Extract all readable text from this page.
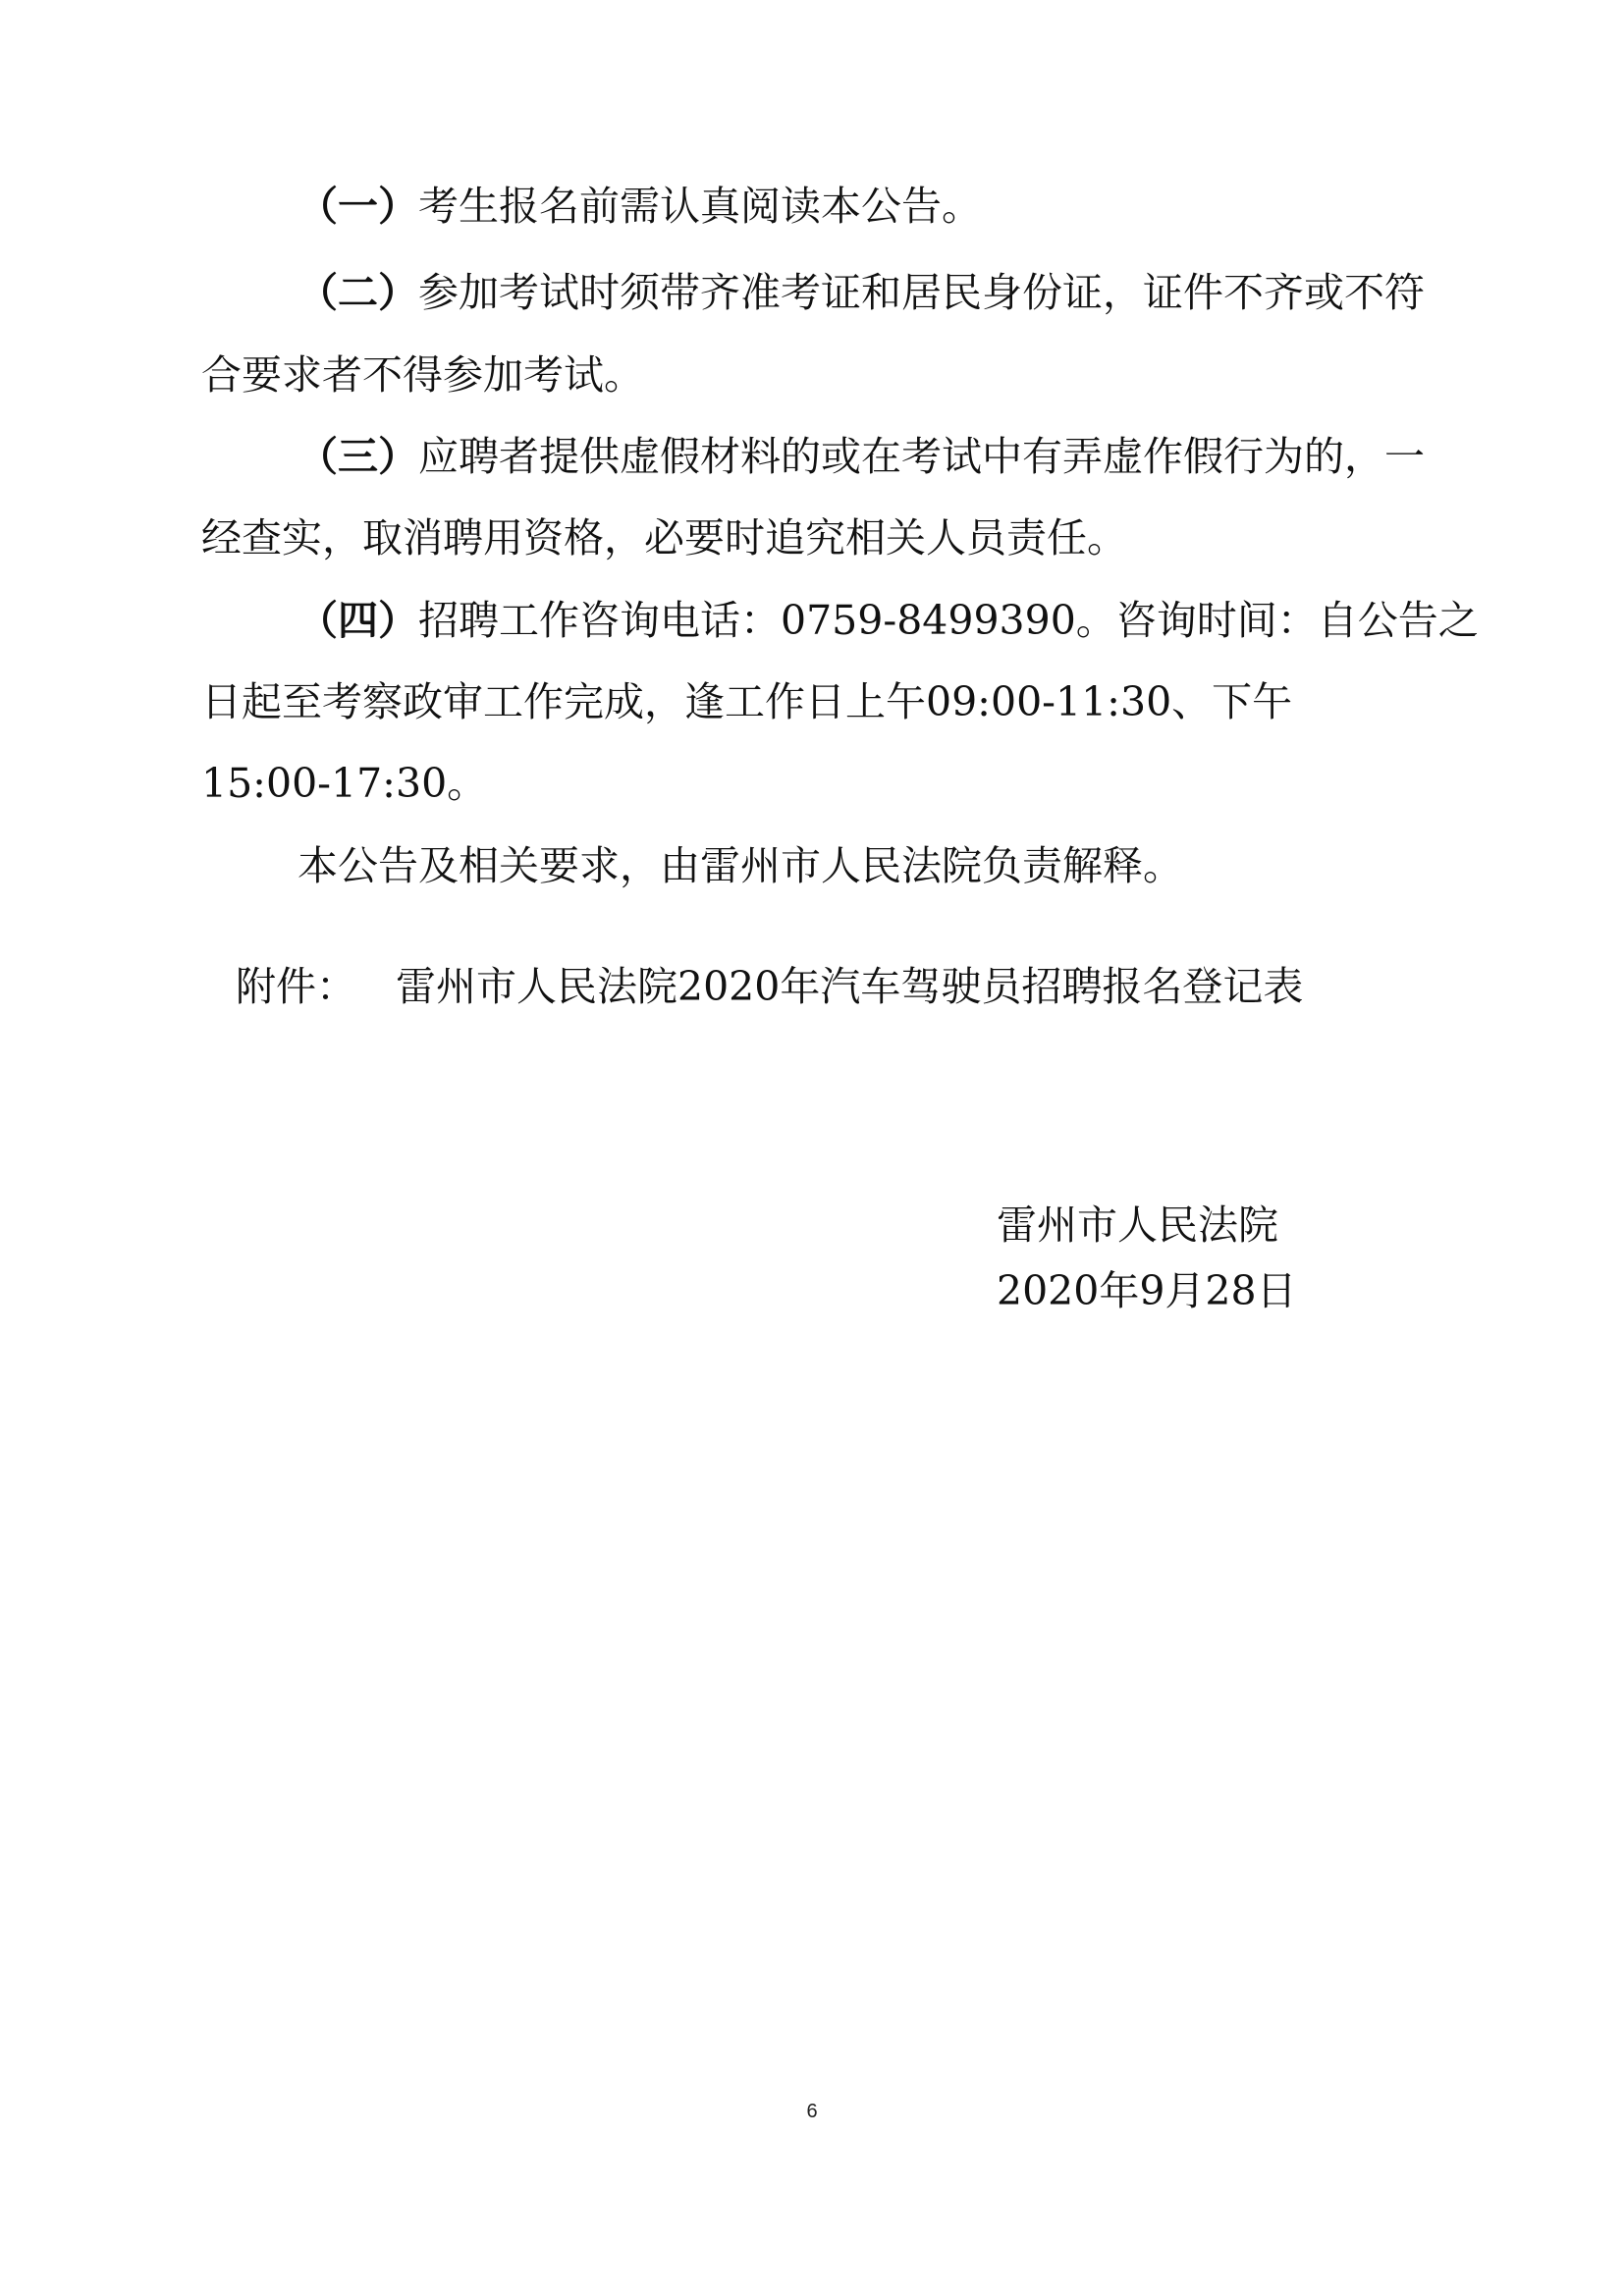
（一）考生报名前需认真阅读本公告。

（二）参加考试时须带齐准考证和居民身份证，证件不齐或不符

合要求者不得参加考试。

（三）应聘者提供虚假材料的或在考试中有弄虚作假行为的，一

经查实，取消聘用资格，必要时追究相关人员责任。

（四）招聘工作咨询电话：0759-8499390。咨询时间：自公告之

日起至考察政审工作完成，逢工作日上午09:00-11:30、下午

15:00-17:30。

本公告及相关要求，由雷州市人民法院负责解释。

附件： 雷州市人民法院2020年汽车驾驶员招聘报名登记表

雷州市人民法院

2020年9月28日

6
